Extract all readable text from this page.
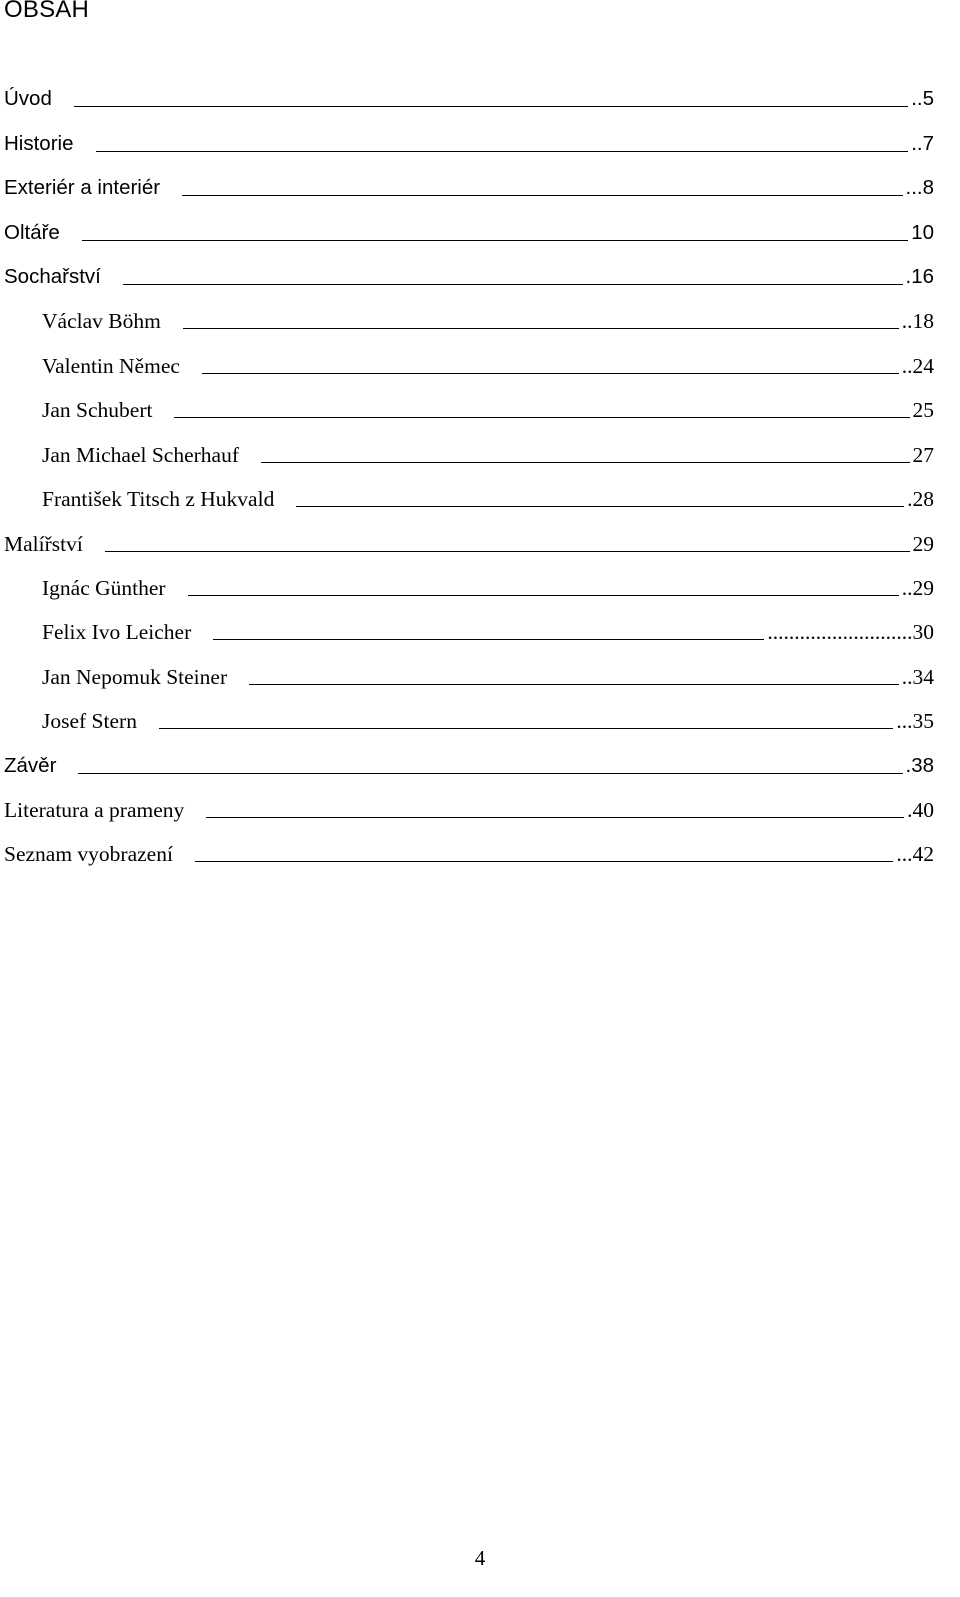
OBSAH
Úvod	..5
Historie	..7
Exteriér a interiér	...8
Oltáře	10
Sochařství	.16
Václav Böhm	..18
Valentin Němec	..24
Jan Schubert	25
Jan Michael Scherhauf	27
František Titsch z Hukvald	.28
Malířství	29
Ignác Günther	..29
Felix Ivo Leicher	...........................30
Jan Nepomuk Steiner	..34
Josef Stern	...35
Závěr	.38
Literatura a prameny	.40
Seznam vyobrazení	...42
4
